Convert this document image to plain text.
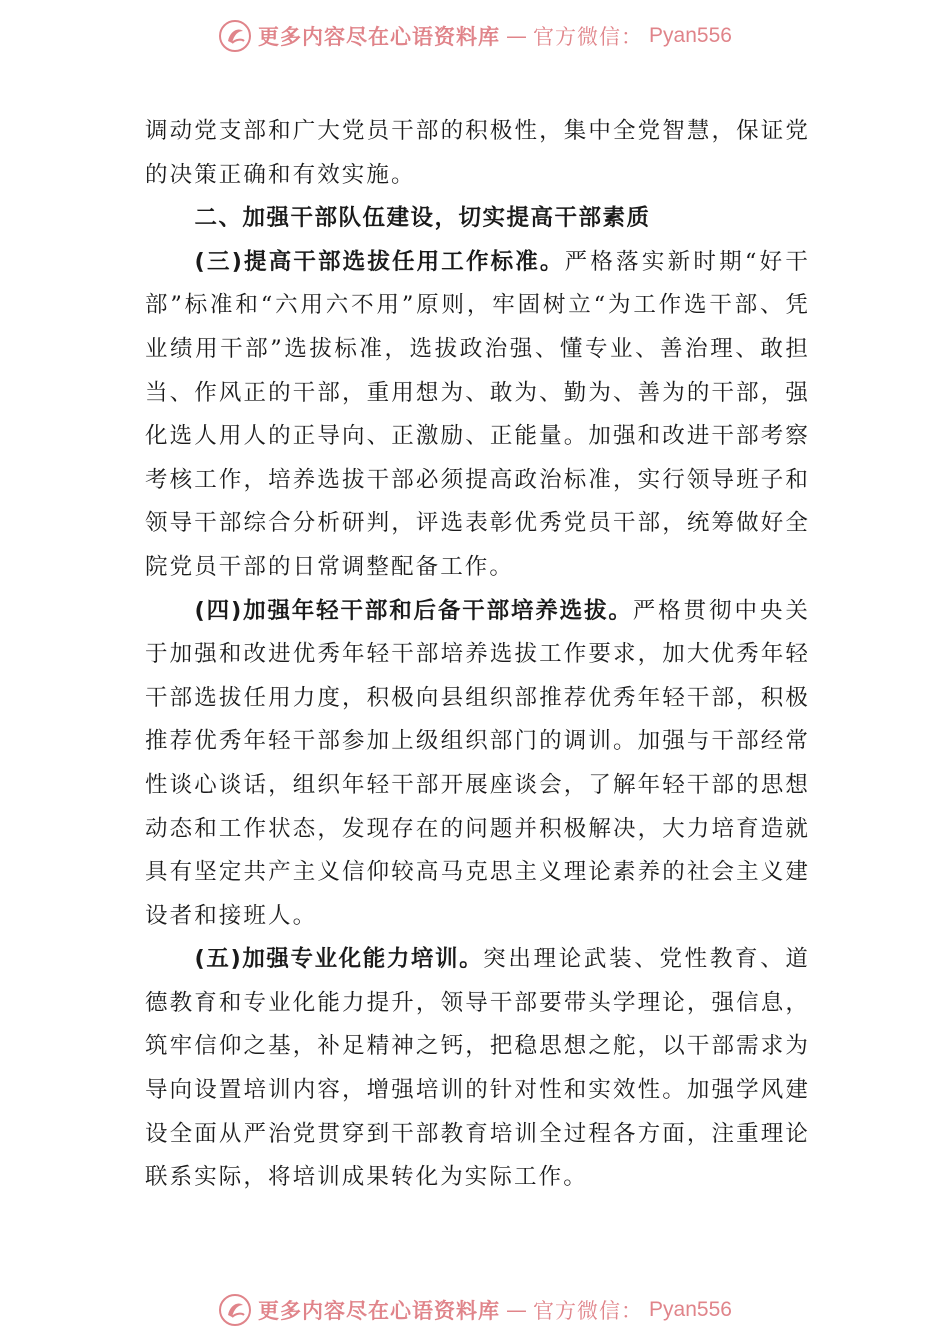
更多内容尽在心语资料库 — 官方微信： Pyan556

调动党支部和广大党员干部的积极性，集中全党智慧，保证党的决策正确和有效实施。

二、加强干部队伍建设，切实提高干部素质

(三)提高干部选拔任用工作标准。严格落实新时期“好干部”标准和“六用六不用”原则，牢固树立“为工作选干部、凭业绩用干部”选拔标准，选拔政治强、懂专业、善治理、敢担当、作风正的干部，重用想为、敢为、勤为、善为的干部，强化选人用人的正导向、正激励、正能量。加强和改进干部考察考核工作，培养选拔干部必须提高政治标准，实行领导班子和领导干部综合分析研判，评选表彰优秀党员干部，统筹做好全院党员干部的日常调整配备工作。

(四)加强年轻干部和后备干部培养选拔。严格贯彻中央关于加强和改进优秀年轻干部培养选拔工作要求，加大优秀年轻干部选拔任用力度，积极向县组织部推荐优秀年轻干部，积极推荐优秀年轻干部参加上级组织部门的调训。加强与干部经常性谈心谈话，组织年轻干部开展座谈会，了解年轻干部的思想动态和工作状态，发现存在的问题并积极解决，大力培育造就具有坚定共产主义信仰较高马克思主义理论素养的社会主义建设者和接班人。

(五)加强专业化能力培训。突出理论武装、党性教育、道德教育和专业化能力提升，领导干部要带头学理论，强信息，筑牢信仰之基，补足精神之钙，把稳思想之舵，以干部需求为导向设置培训内容，增强培训的针对性和实效性。加强学风建设全面从严治党贯穿到干部教育培训全过程各方面，注重理论联系实际，将培训成果转化为实际工作。

更多内容尽在心语资料库 — 官方微信： Pyan556
